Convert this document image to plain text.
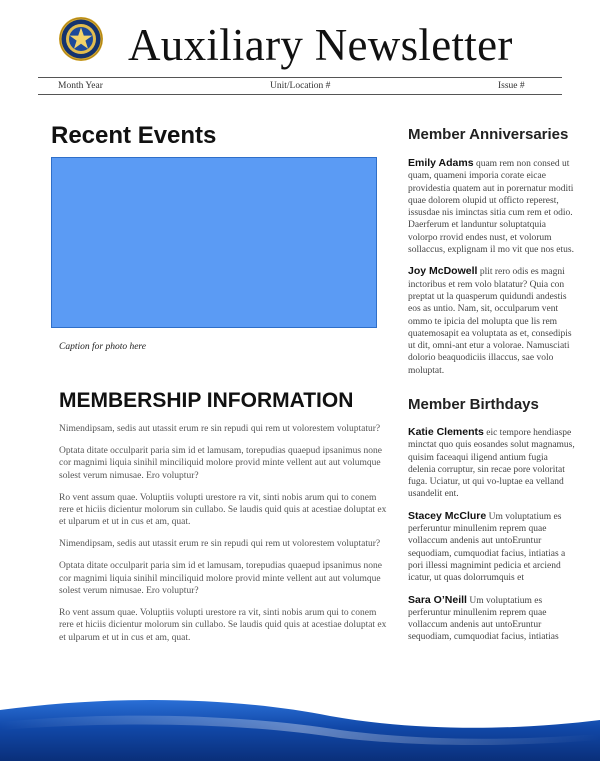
Auxiliary Newsletter
Month Year	Unit/Location #	Issue #
Recent Events

Caption for photo here

MEMBERSHIP INFORMATION

Nimendipsam, sedis aut utassit erum re sin repudi qui rem ut volorestem voluptatur?

Optata ditate occulparit paria sim id et lamusam, torepudias quaepud ipsanimus none cor magnimi liquia sinihil minciliquid molore provid minte vellent aut aut volumque solest verum nimusae. Ero voluptur?

Ro vent assum quae. Voluptiis volupti urestore ra vit, sinti nobis arum qui to conem rere et hiciis dicientur molorum sin cullabo. Se laudis quid quis at acestiae doluptat ex et ulparum et ut in cus et am, quat.

Nimendipsam, sedis aut utassit erum re sin repudi qui rem ut volorestem voluptatur?

Optata ditate occulparit paria sim id et lamusam, torepudias quaepud ipsanimus none cor magnimi liquia sinihil minciliquid molore provid minte vellent aut aut volumque solest verum nimusae. Ero voluptur?

Ro vent assum quae. Voluptiis volupti urestore ra vit, sinti nobis arum qui to conem rere et hiciis dicientur molorum sin cullabo. Se laudis quid quis at acestiae doluptat ex et ulparum et ut in cus et am, quat.

Member Anniversaries

Emily Adams quam rem non consed ut quam, quameni imporia corate eicae providestia quatem aut in porernatur moditi quae dolorem olupid ut officto reperest, issusdae nis iminctas sitia cum rem et odio. Daerferum et landuntur soluptatquia volorpo rrovid endes nust, et volorum sollaccus, explignam il mo vit que nos etus.

Joy McDowell plit rero odis es magni inctoribus et rem volo blatatur? Quia con preptat ut la quasperum quidundi andestis eos as untio. Nam, sit, occulparum vent ommo te ipicia del molupta que lis rem quatemosapit ea voluptata as et, consedipis ut dit, omni-ant etur a volorae. Namusciati dolorio beaquodiciis illaccus, sae volo moluptat.

Member Birthdays

Katie Clements eic tempore hendiaspe minctat quo quis eosandes solut magnamus, quisim faceaqui iligend antium fugia delenia corruptur, sin recae pore voloritat fuga. Uciatur, ut qui vo-luptae ea velland usandelit ent.

Stacey McClure Um voluptatium es perferuntur minullenim reprem quae vollaccum andenis aut untoEruntur sequodiam, cumquodiat facius, intiatias a pori illessi magnimint pedicia et arciend icatur, ut quas dolorrumquis et

Sara O’Neill Um voluptatium es perferuntur minullenim reprem quae vollaccum andenis aut untoEruntur sequodiam, cumquodiat facius, intiatias
